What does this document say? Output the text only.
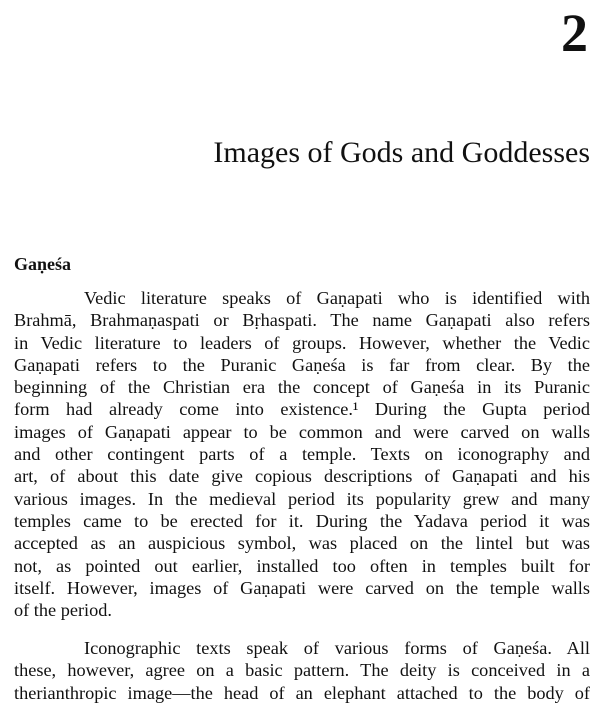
2
Images of Gods and Goddesses
Gaṇeśa
Vedic literature speaks of Gaṇapati who is identified with
Brahmā, Brahmaṇaspati or Bṛhaspati. The name Gaṇapati also refers
in Vedic literature to leaders of groups. However, whether the Vedic
Gaṇapati refers to the Puranic Gaṇeśa is far from clear. By the
beginning of the Christian era the concept of Gaṇeśa in its Puranic
form had already come into existence.¹ During the Gupta period
images of Gaṇapati appear to be common and were carved on walls
and other contingent parts of a temple. Texts on iconography and
art, of about this date give copious descriptions of Gaṇapati and his
various images. In the medieval period its popularity grew and many
temples came to be erected for it. During the Yadava period it was
accepted as an auspicious symbol, was placed on the lintel but was
not, as pointed out earlier, installed too often in temples built for
itself. However, images of Gaṇapati were carved on the temple walls
of the period.
Iconographic texts speak of various forms of Gaṇeśa. All
these, however, agree on a basic pattern. The deity is conceived in a
therianthropic image—the head of an elephant attached to the body of
